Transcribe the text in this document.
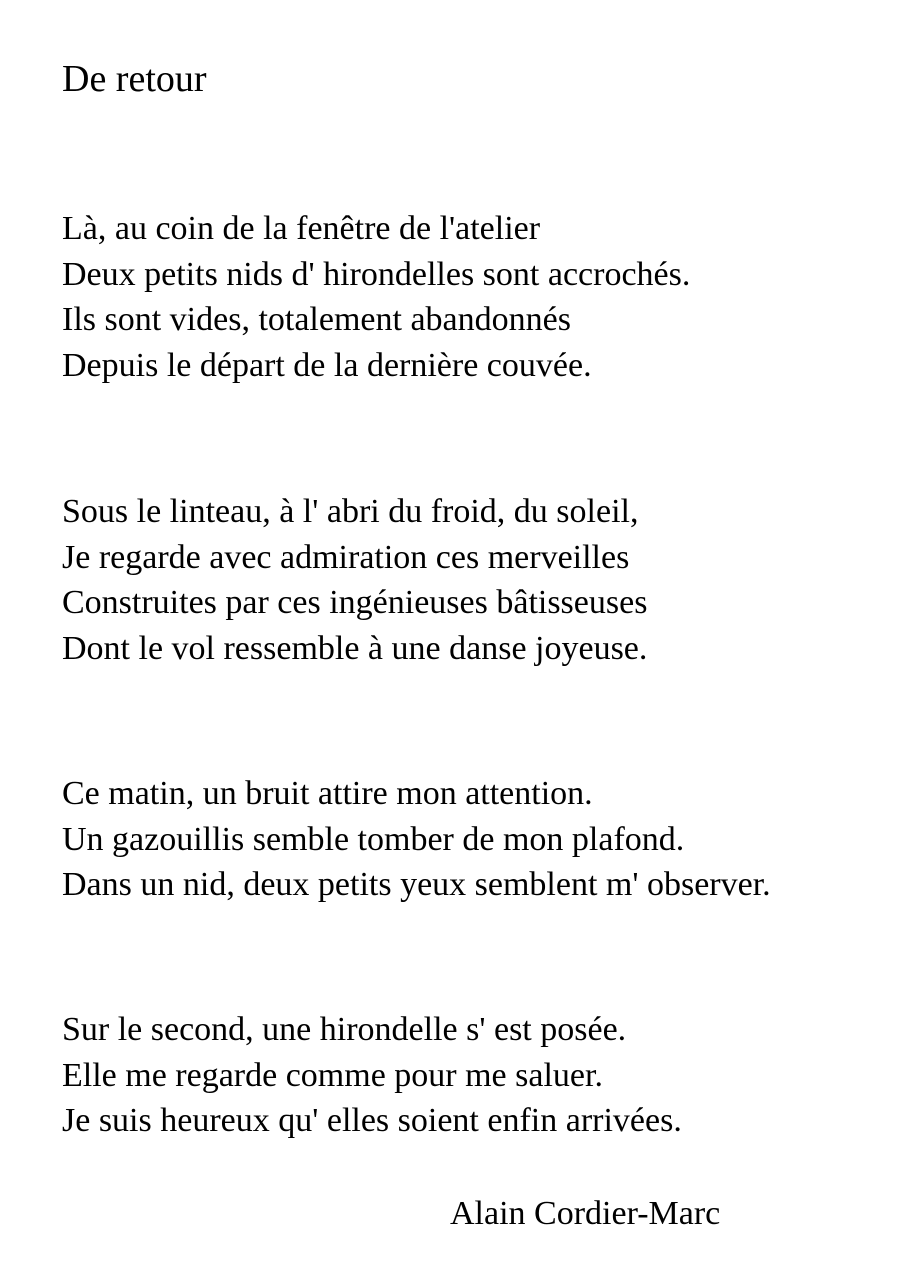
De retour
Là, au coin de la fenêtre de l'atelier
Deux petits nids d' hirondelles sont accrochés.
Ils sont vides, totalement abandonnés
Depuis le départ de la dernière couvée.
Sous le linteau, à l' abri du froid, du soleil,
Je regarde avec admiration ces merveilles
Construites par ces ingénieuses bâtisseuses
Dont le vol ressemble à une danse joyeuse.
Ce matin, un bruit attire mon attention.
Un gazouillis semble tomber de mon plafond.
Dans un nid, deux petits yeux semblent m' observer.
Sur le second, une hirondelle s' est posée.
Elle me regarde comme pour me saluer.
Je suis heureux qu' elles soient enfin arrivées.
Alain Cordier-Marc
